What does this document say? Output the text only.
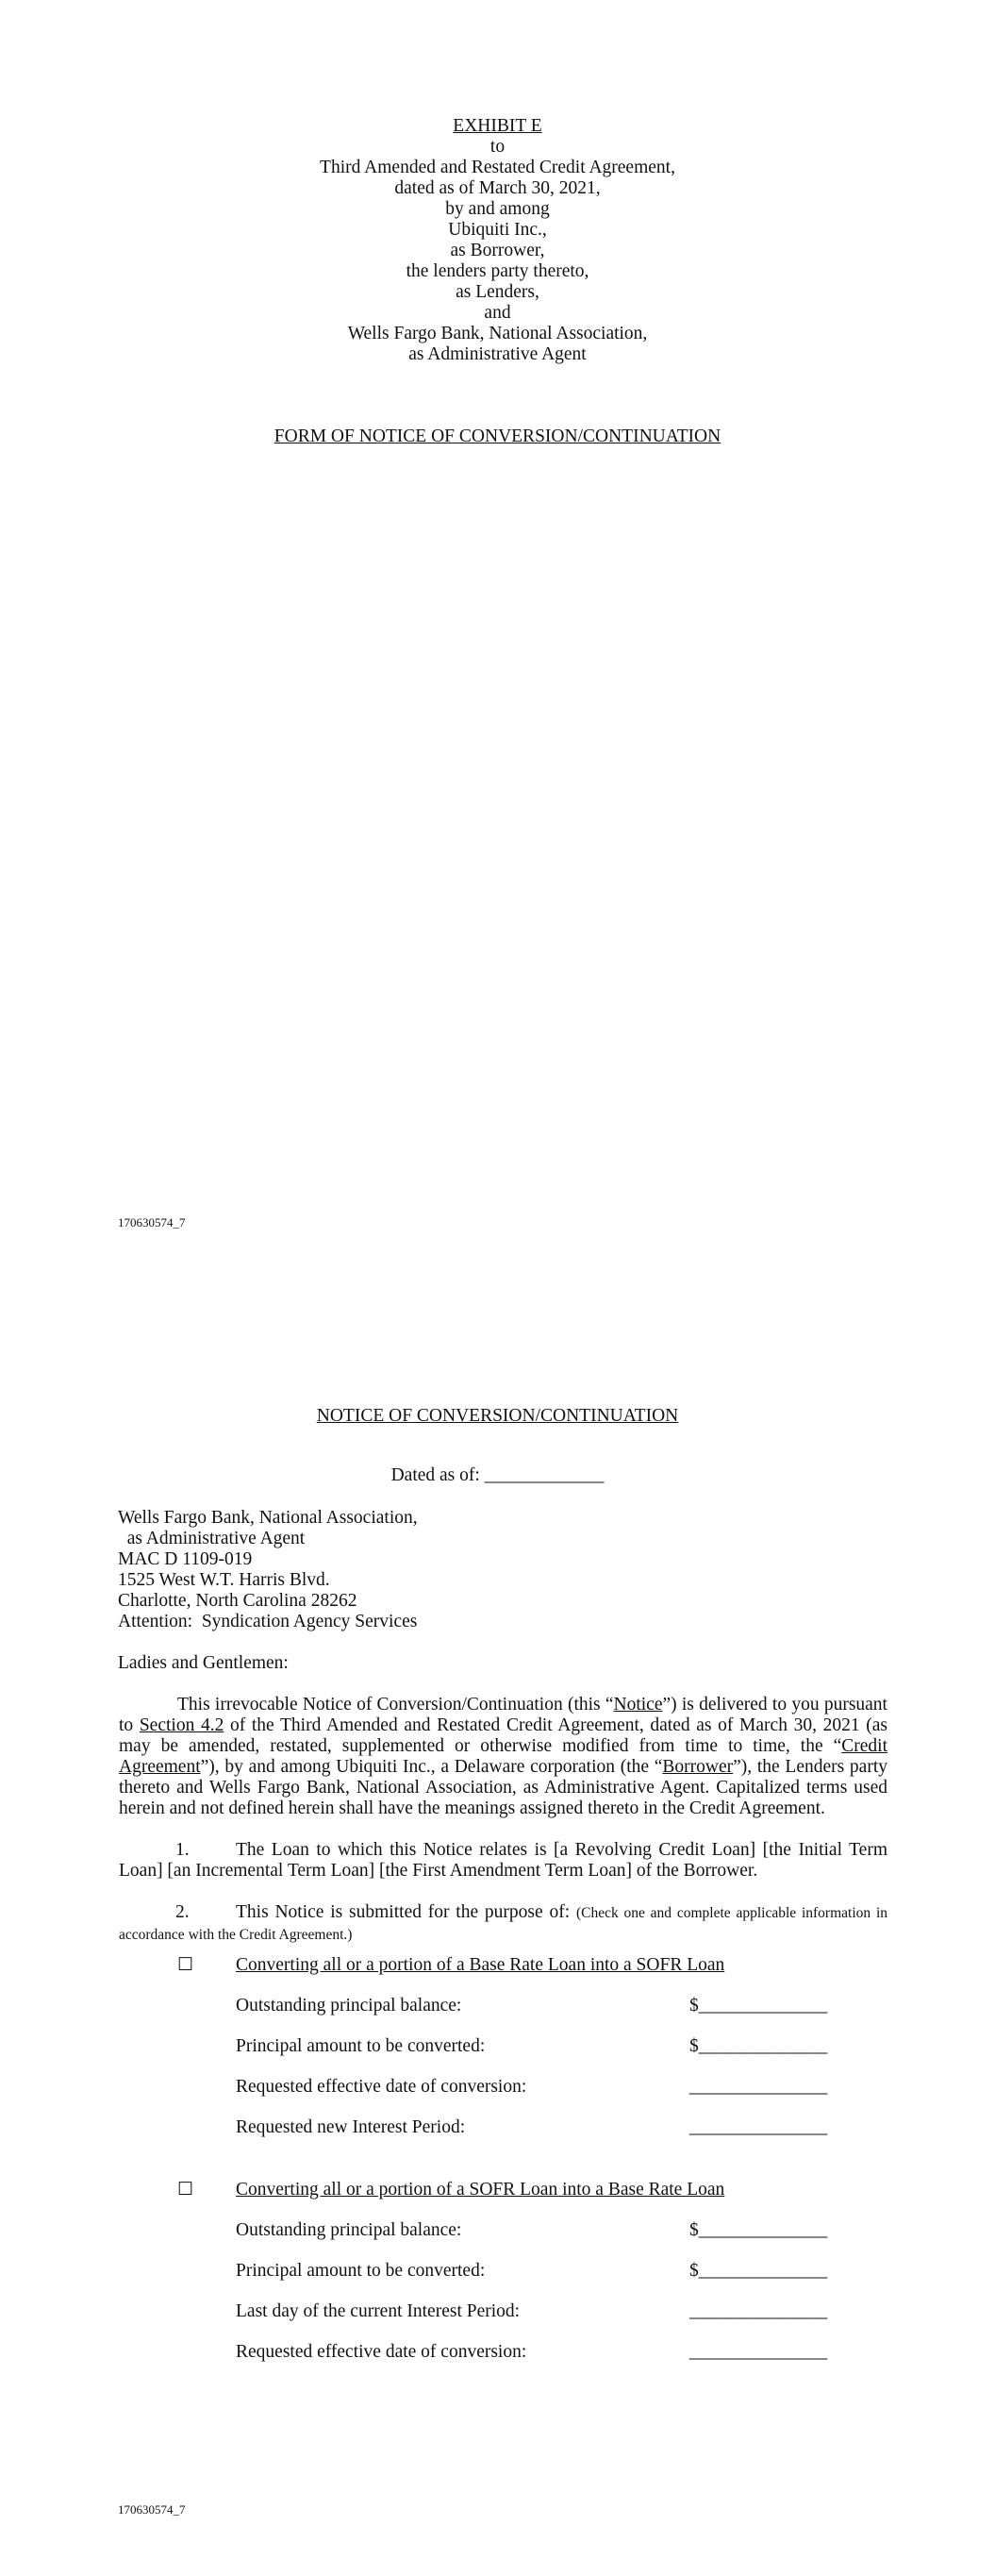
EXHIBIT E
to
Third Amended and Restated Credit Agreement,
dated as of March 30, 2021,
by and among
Ubiquiti Inc.,
as Borrower,
the lenders party thereto,
as Lenders,
and
Wells Fargo Bank, National Association,
as Administrative Agent
FORM OF NOTICE OF CONVERSION/CONTINUATION
170630574_7
NOTICE OF CONVERSION/CONTINUATION
Dated as of: _____________
Wells Fargo Bank, National Association,
as Administrative Agent
MAC D 1109-019
1525 West W.T. Harris Blvd.
Charlotte, North Carolina 28262
Attention:  Syndication Agency Services
Ladies and Gentlemen:
This irrevocable Notice of Conversion/Continuation (this “Notice”) is delivered to you pursuant to Section 4.2 of the Third Amended and Restated Credit Agreement, dated as of March 30, 2021 (as may be amended, restated, supplemented or otherwise modified from time to time, the “Credit Agreement”), by and among Ubiquiti Inc., a Delaware corporation (the “Borrower”), the Lenders party thereto and Wells Fargo Bank, National Association, as Administrative Agent. Capitalized terms used herein and not defined herein shall have the meanings assigned thereto in the Credit Agreement.
1.	The Loan to which this Notice relates is [a Revolving Credit Loan] [the Initial Term Loan] [an Incremental Term Loan] [the First Amendment Term Loan] of the Borrower.
2.	This Notice is submitted for the purpose of: (Check one and complete applicable information in accordance with the Credit Agreement.)
☐ Converting all or a portion of a Base Rate Loan into a SOFR Loan
Outstanding principal balance:	$______________
Principal amount to be converted:	$______________
Requested effective date of conversion:	_______________
Requested new Interest Period:	_______________
☐ Converting all or a portion of a SOFR Loan into a Base Rate Loan
Outstanding principal balance:	$______________
Principal amount to be converted:	$______________
Last day of the current Interest Period:	_______________
Requested effective date of conversion:	_______________
170630574_7
